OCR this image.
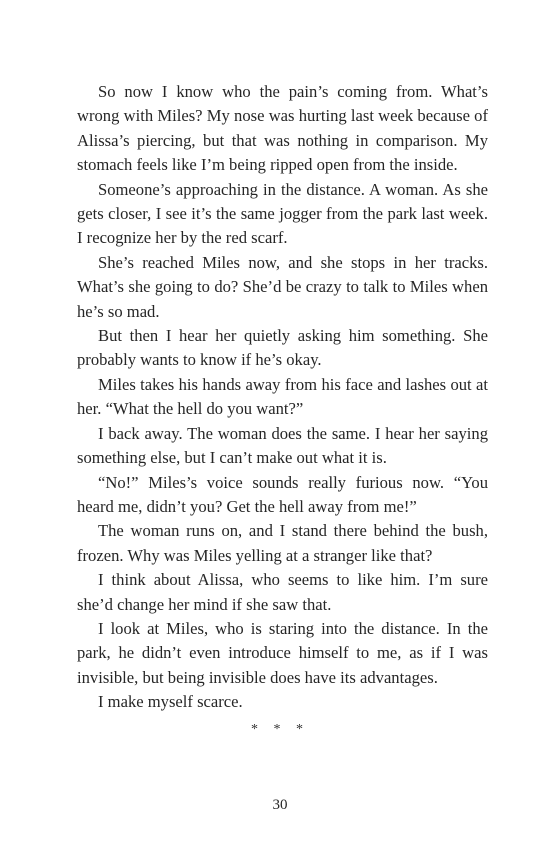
So now I know who the pain’s coming from. What’s wrong with Miles? My nose was hurting last week because of Alissa’s piercing, but that was nothing in comparison. My stomach feels like I’m being ripped open from the inside.

Someone’s approaching in the distance. A woman. As she gets closer, I see it’s the same jogger from the park last week. I recognize her by the red scarf.

She’s reached Miles now, and she stops in her tracks. What’s she going to do? She’d be crazy to talk to Miles when he’s so mad.

But then I hear her quietly asking him something. She probably wants to know if he’s okay.

Miles takes his hands away from his face and lashes out at her. “What the hell do you want?”

I back away. The woman does the same. I hear her saying something else, but I can’t make out what it is.

“No!” Miles’s voice sounds really furious now. “You heard me, didn’t you? Get the hell away from me!”

The woman runs on, and I stand there behind the bush, frozen. Why was Miles yelling at a stranger like that?

I think about Alissa, who seems to like him. I’m sure she’d change her mind if she saw that.

I look at Miles, who is staring into the distance. In the park, he didn’t even introduce himself to me, as if I was invisible, but being invisible does have its advantages.

I make myself scarce.

* * *
30
